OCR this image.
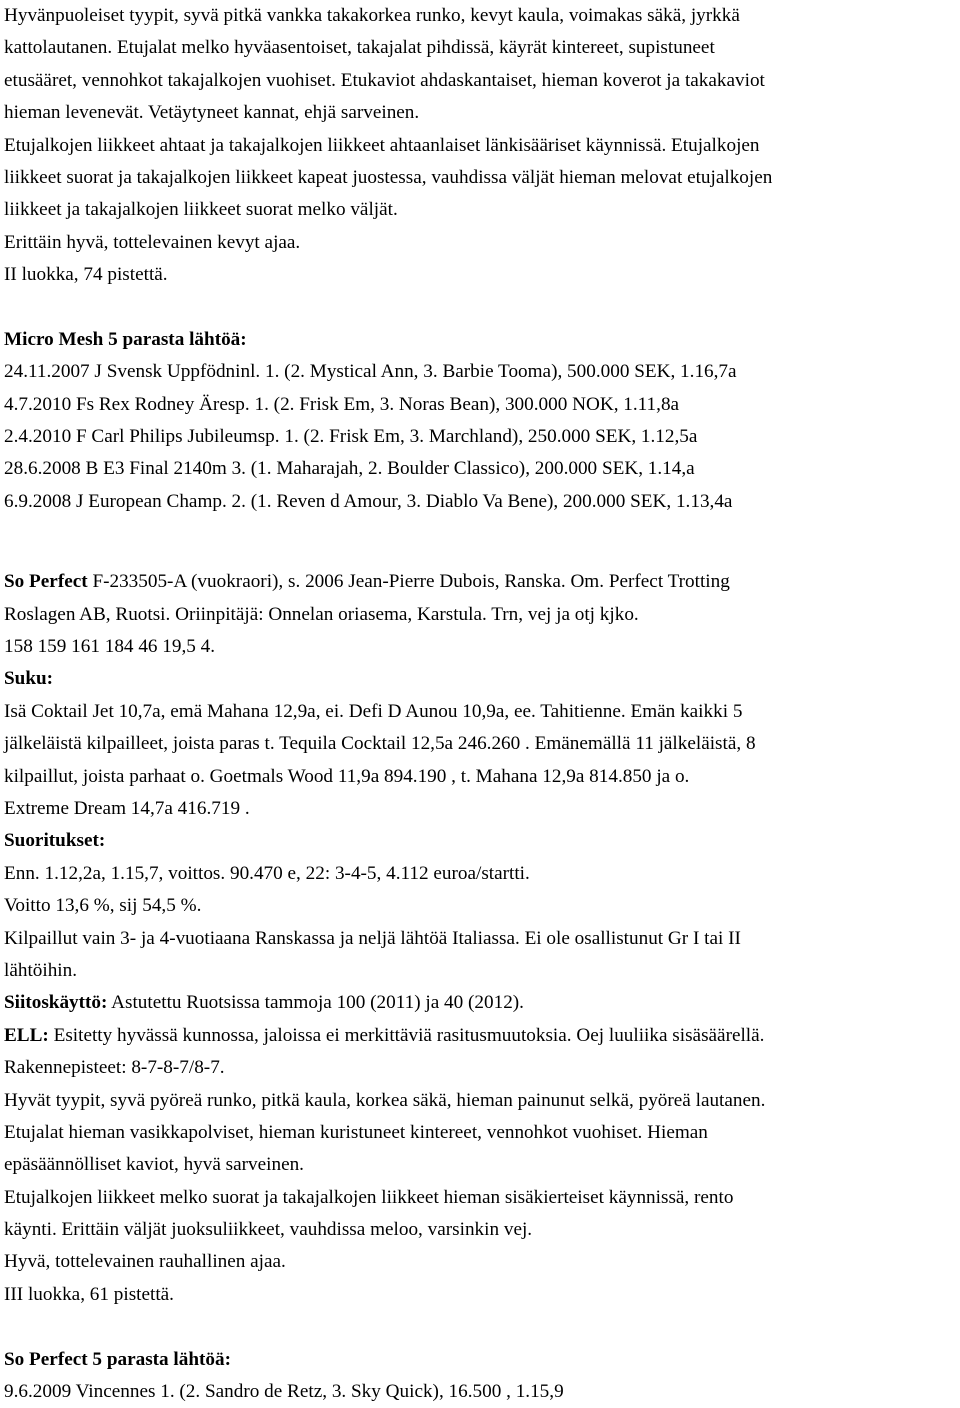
Hyvänpuoleiset tyypit, syvä pitkä vankka takakorkea runko, kevyt kaula, voimakas säkä, jyrkkä
kattolautanen. Etujalat melko hyväasentoiset, takajalat pihdissä, käyrät kintereet, supistuneet
etusääret, vennohkot takajalkojen vuohiset. Etukaviot ahdaskantaiset, hieman koverot ja takakaviot
hieman levenevät. Vetäytyneet kannat, ehjä sarveinen.
Etujalkojen liikkeet ahtaat ja takajalkojen liikkeet ahtaanlaiset länkisääriset käynnissä. Etujalkojen
liikkeet suorat ja takajalkojen liikkeet kapeat juostessa, vauhdissa väljät hieman melovat etujalkojen
liikkeet ja takajalkojen liikkeet suorat melko väljät.
Erittäin hyvä, tottelevainen kevyt ajaa.
II luokka, 74 pistettä.
Micro Mesh 5 parasta lähtöä:
24.11.2007 J Svensk Uppfödninl. 1. (2. Mystical Ann, 3. Barbie Tooma), 500.000 SEK, 1.16,7a
4.7.2010 Fs Rex Rodney Äresp. 1. (2. Frisk Em, 3. Noras Bean), 300.000 NOK, 1.11,8a
2.4.2010 F Carl Philips Jubileumsp. 1. (2. Frisk Em, 3. Marchland), 250.000 SEK, 1.12,5a
28.6.2008 B E3 Final 2140m 3. (1. Maharajah, 2. Boulder Classico), 200.000 SEK, 1.14,a
6.9.2008 J European Champ. 2. (1. Reven d Amour, 3. Diablo Va Bene), 200.000 SEK, 1.13,4a
So Perfect F-233505-A (vuokraori), s. 2006 Jean-Pierre Dubois, Ranska. Om. Perfect Trotting
Roslagen AB, Ruotsi. Oriinpitäjä: Onnelan oriasema, Karstula. Trn, vej ja otj kjko.
158 159 161 184 46 19,5 4.
Suku:
Isä Coktail Jet 10,7a, emä Mahana 12,9a, ei. Defi D Aunou 10,9a, ee. Tahitienne. Emän kaikki 5
jälkeläistä kilpailleet, joista paras t. Tequila Cocktail 12,5a 246.260 . Emänemällä 11 jälkeläistä, 8
kilpaillut, joista parhaat o. Goetmals Wood 11,9a 894.190 , t. Mahana 12,9a 814.850 ja o.
Extreme Dream 14,7a 416.719 .
Suoritukset:
Enn. 1.12,2a, 1.15,7, voittos. 90.470 e, 22: 3-4-5, 4.112 euroa/startti.
Voitto 13,6 %, sij 54,5 %.
Kilpaillut vain 3- ja 4-vuotiaana Ranskassa ja neljä lähtöä Italiassa. Ei ole osallistunut Gr I tai II
lähtöihin.
Siitoskäyttö: Astutettu Ruotsissa tammoja 100 (2011) ja 40 (2012).
ELL: Esitetty hyvässä kunnossa, jaloissa ei merkittäviä rasitusmuutoksia. Oej luuliika sisäsäärellä.
Rakennepisteet: 8-7-8-7/8-7.
Hyvät tyypit, syvä pyöreä runko, pitkä kaula, korkea säkä, hieman painunut selkä, pyöreä lautanen.
Etujalat hieman vasikkapolviset, hieman kuristuneet kintereet, vennohkot vuohiset. Hieman
epäsäännölliset kaviot, hyvä sarveinen.
Etujalkojen liikkeet melko suorat ja takajalkojen liikkeet hieman sisäkierteiset käynnissä, rento
käynti. Erittäin väljät juoksuliikkeet, vauhdissa meloo, varsinkin vej.
Hyvä, tottelevainen rauhallinen ajaa.
III luokka, 61 pistettä.
So Perfect 5 parasta lähtöä:
9.6.2009 Vincennes 1. (2. Sandro de Retz, 3. Sky Quick), 16.500 , 1.15,9
